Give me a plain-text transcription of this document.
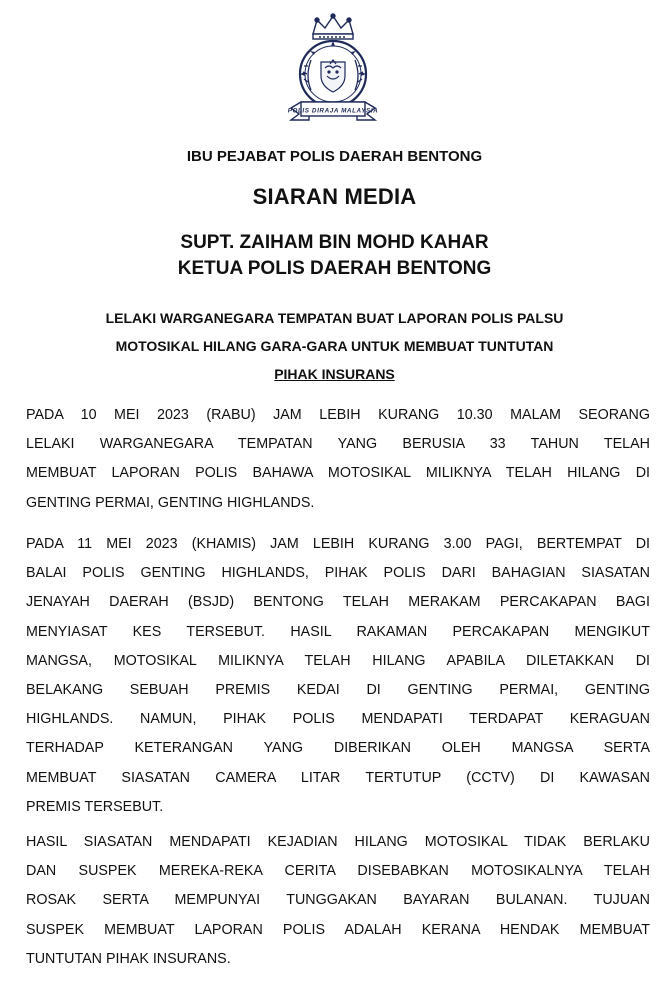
POLIS DIRAJA MALAYSIA
IBU PEJABAT POLIS DAERAH BENTONG
SIARAN MEDIA
SUPT. ZAIHAM BIN MOHD KAHAR
KETUA POLIS DAERAH BENTONG
LELAKI WARGANEGARA TEMPATAN BUAT LAPORAN POLIS PALSU
MOTOSIKAL HILANG GARA-GARA UNTUK MEMBUAT TUNTUTAN
PIHAK INSURANS

PADA 10 MEI 2023 (RABU) JAM LEBIH KURANG 10.30 MALAM SEORANG
LELAKI WARGANEGARA TEMPATAN YANG BERUSIA 33 TAHUN TELAH
MEMBUAT LAPORAN POLIS BAHAWA MOTOSIKAL MILIKNYA TELAH HILANG DI
GENTING PERMAI, GENTING HIGHLANDS.

PADA 11 MEI 2023 (KHAMIS) JAM LEBIH KURANG 3.00 PAGI, BERTEMPAT DI
BALAI POLIS GENTING HIGHLANDS, PIHAK POLIS DARI BAHAGIAN SIASATAN
JENAYAH DAERAH (BSJD) BENTONG TELAH MERAKAM PERCAKAPAN BAGI
MENYIASAT KES TERSEBUT. HASIL RAKAMAN PERCAKAPAN MENGIKUT
MANGSA, MOTOSIKAL MILIKNYA TELAH HILANG APABILA DILETAKKAN DI
BELAKANG SEBUAH PREMIS KEDAI DI GENTING PERMAI, GENTING
HIGHLANDS. NAMUN, PIHAK POLIS MENDAPATI TERDAPAT KERAGUAN
TERHADAP KETERANGAN YANG DIBERIKAN OLEH MANGSA SERTA
MEMBUAT SIASATAN CAMERA LITAR TERTUTUP (CCTV) DI KAWASAN
PREMIS TERSEBUT.

HASIL SIASATAN MENDAPATI KEJADIAN HILANG MOTOSIKAL TIDAK BERLAKU
DAN SUSPEK MEREKA-REKA CERITA DISEBABKAN MOTOSIKALNYA TELAH
ROSAK SERTA MEMPUNYAI TUNGGAKAN BAYARAN BULANAN. TUJUAN
SUSPEK MEMBUAT LAPORAN POLIS ADALAH KERANA HENDAK MEMBUAT
TUNTUTAN PIHAK INSURANS.
